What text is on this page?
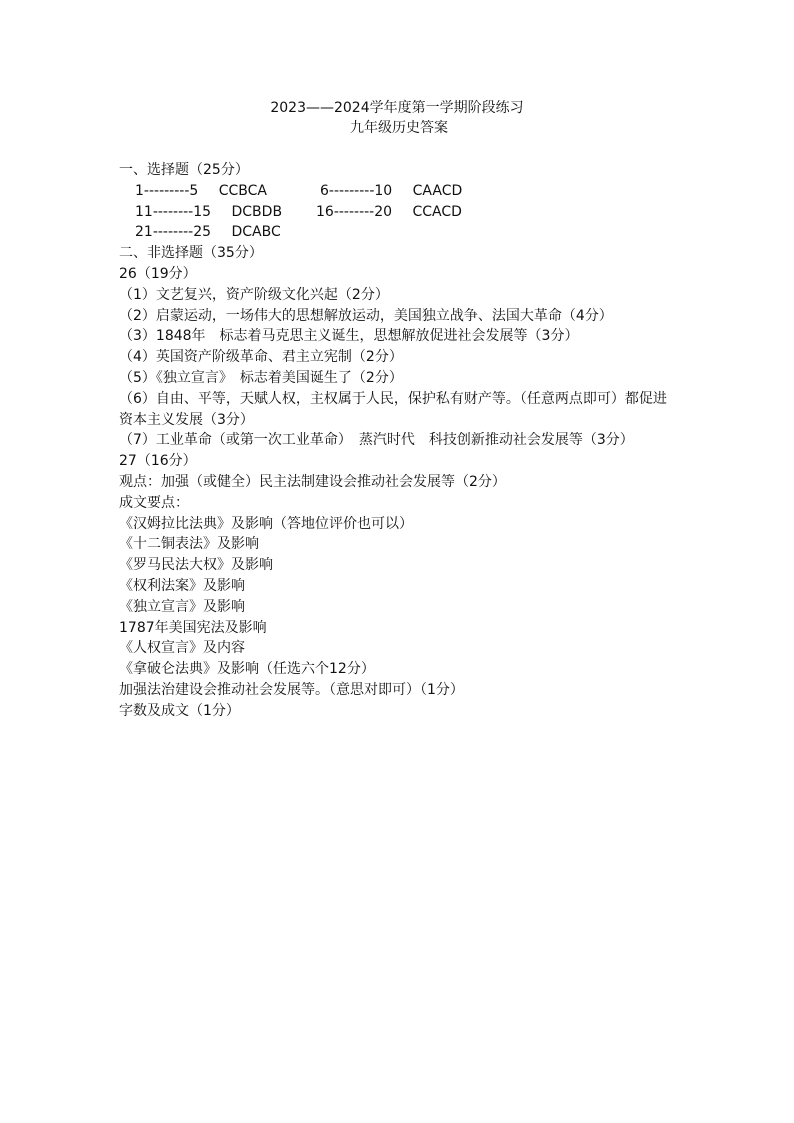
2023——2024学年度第一学期阶段练习
九年级历史答案
一、选择题（25分）
1---------5 CCBCA	6---------10 CAACD
11--------15 DCBDB 16--------20 CCACD
21--------25 DCABC
二、非选择题（35分）
26（19分）
（1）文艺复兴，资产阶级文化兴起（2分）
（2）启蒙运动，一场伟大的思想解放运动，美国独立战争、法国大革命（4分）
（3）1848年　标志着马克思主义诞生，思想解放促进社会发展等（3分）
（4）英国资产阶级革命、君主立宪制（2分）
（5）《独立宣言》　标志着美国诞生了（2分）
（6）自由、平等，天赋人权，主权属于人民，保护私有财产等。（任意两点即可）都促进资本主义发展（3分）
（7）工业革命（或第一次工业革命）　蒸汽时代　科技创新推动社会发展等（3分）
27（16分）
观点：加强（或健全）民主法制建设会推动社会发展等（2分）
成文要点：
《汉姆拉比法典》及影响（答地位评价也可以）
《十二铜表法》及影响
《罗马民法大权》及影响
《权利法案》及影响
《独立宣言》及影响
1787年美国宪法及影响
《人权宣言》及内容
《拿破仑法典》及影响（任选六个12分）
加强法治建设会推动社会发展等。（意思对即可）（1分）
字数及成文（1分）
